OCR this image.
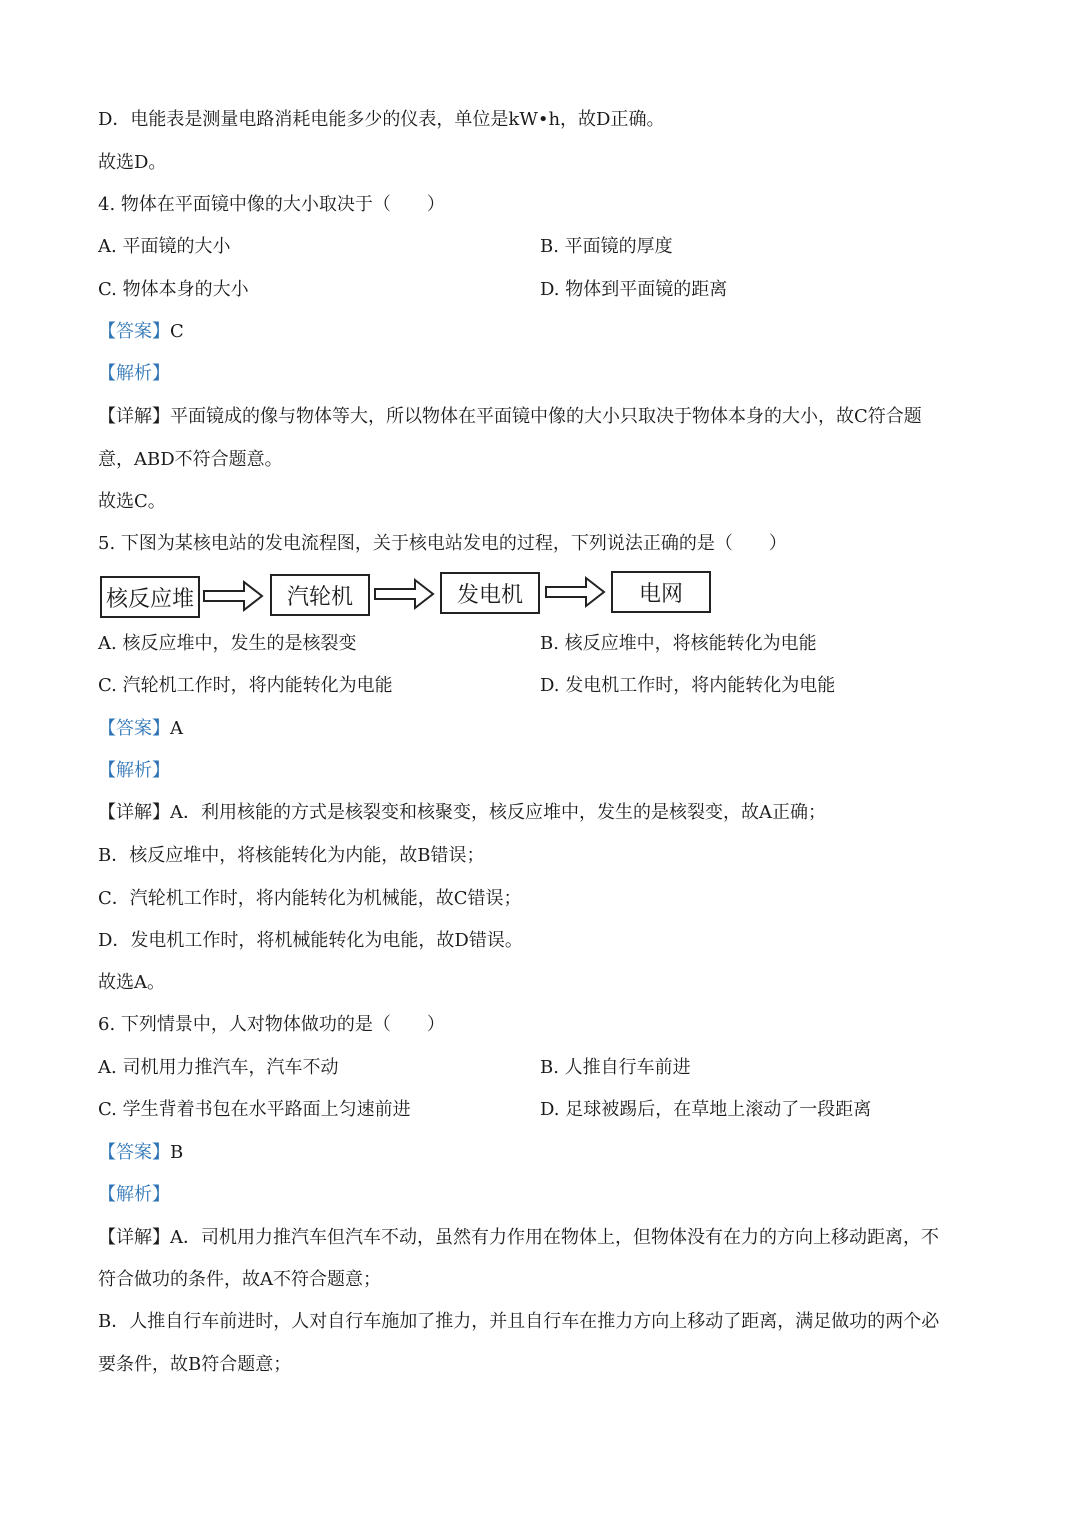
D．电能表是测量电路消耗电能多少的仪表，单位是kW•h，故D正确。
故选D。
4. 物体在平面镜中像的大小取决于（　　）
A. 平面镜的大小	B. 平面镜的厚度
C. 物体本身的大小	D. 物体到平面镜的距离
【答案】C
【解析】
【详解】平面镜成的像与物体等大，所以物体在平面镜中像的大小只取决于物体本身的大小，故C符合题
意，ABD不符合题意。
故选C。
5. 下图为某核电站的发电流程图，关于核电站发电的过程，下列说法正确的是（　　）
核反应堆	汽轮机	发电机	电网
A. 核反应堆中，发生的是核裂变	B. 核反应堆中，将核能转化为电能
C. 汽轮机工作时，将内能转化为电能	D. 发电机工作时，将内能转化为电能
【答案】A
【解析】
【详解】A．利用核能的方式是核裂变和核聚变，核反应堆中，发生的是核裂变，故A正确；
B．核反应堆中，将核能转化为内能，故B错误；
C．汽轮机工作时，将内能转化为机械能，故C错误；
D．发电机工作时，将机械能转化为电能，故D错误。
故选A。
6. 下列情景中，人对物体做功的是（　　）
A. 司机用力推汽车，汽车不动	B. 人推自行车前进
C. 学生背着书包在水平路面上匀速前进	D. 足球被踢后，在草地上滚动了一段距离
【答案】B
【解析】
【详解】A．司机用力推汽车但汽车不动，虽然有力作用在物体上，但物体没有在力的方向上移动距离，不
符合做功的条件，故A不符合题意；
B．人推自行车前进时，人对自行车施加了推力，并且自行车在推力方向上移动了距离，满足做功的两个必
要条件，故B符合题意；
